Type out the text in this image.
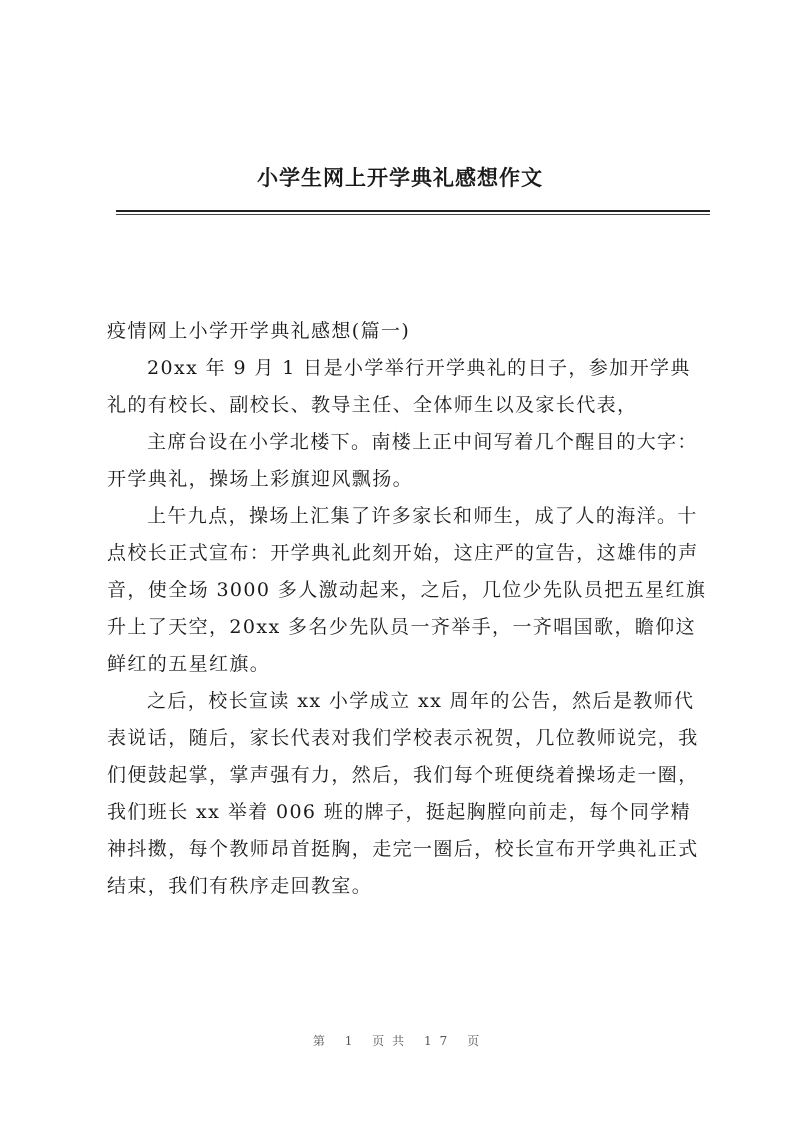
小学生网上开学典礼感想作文

疫情网上小学开学典礼感想(篇一)

20xx 年 9 月 1 日是小学举行开学典礼的日子，参加开学典礼的有校长、副校长、教导主任、全体师生以及家长代表，

主席台设在小学北楼下。南楼上正中间写着几个醒目的大字：开学典礼，操场上彩旗迎风飘扬。

上午九点，操场上汇集了许多家长和师生，成了人的海洋。十点校长正式宣布：开学典礼此刻开始，这庄严的宣告，这雄伟的声音，使全场 3000 多人激动起来，之后，几位少先队员把五星红旗升上了天空，20xx 多名少先队员一齐举手，一齐唱国歌，瞻仰这鲜红的五星红旗。

之后，校长宣读 xx 小学成立 xx 周年的公告，然后是教师代表说话，随后，家长代表对我们学校表示祝贺，几位教师说完，我们便鼓起掌，掌声强有力，然后，我们每个班便绕着操场走一圈，我们班长 xx 举着 006 班的牌子，挺起胸膛向前走，每个同学精神抖擞，每个教师昂首挺胸，走完一圈后，校长宣布开学典礼正式结束，我们有秩序走回教室。

第 1 页共 17 页
